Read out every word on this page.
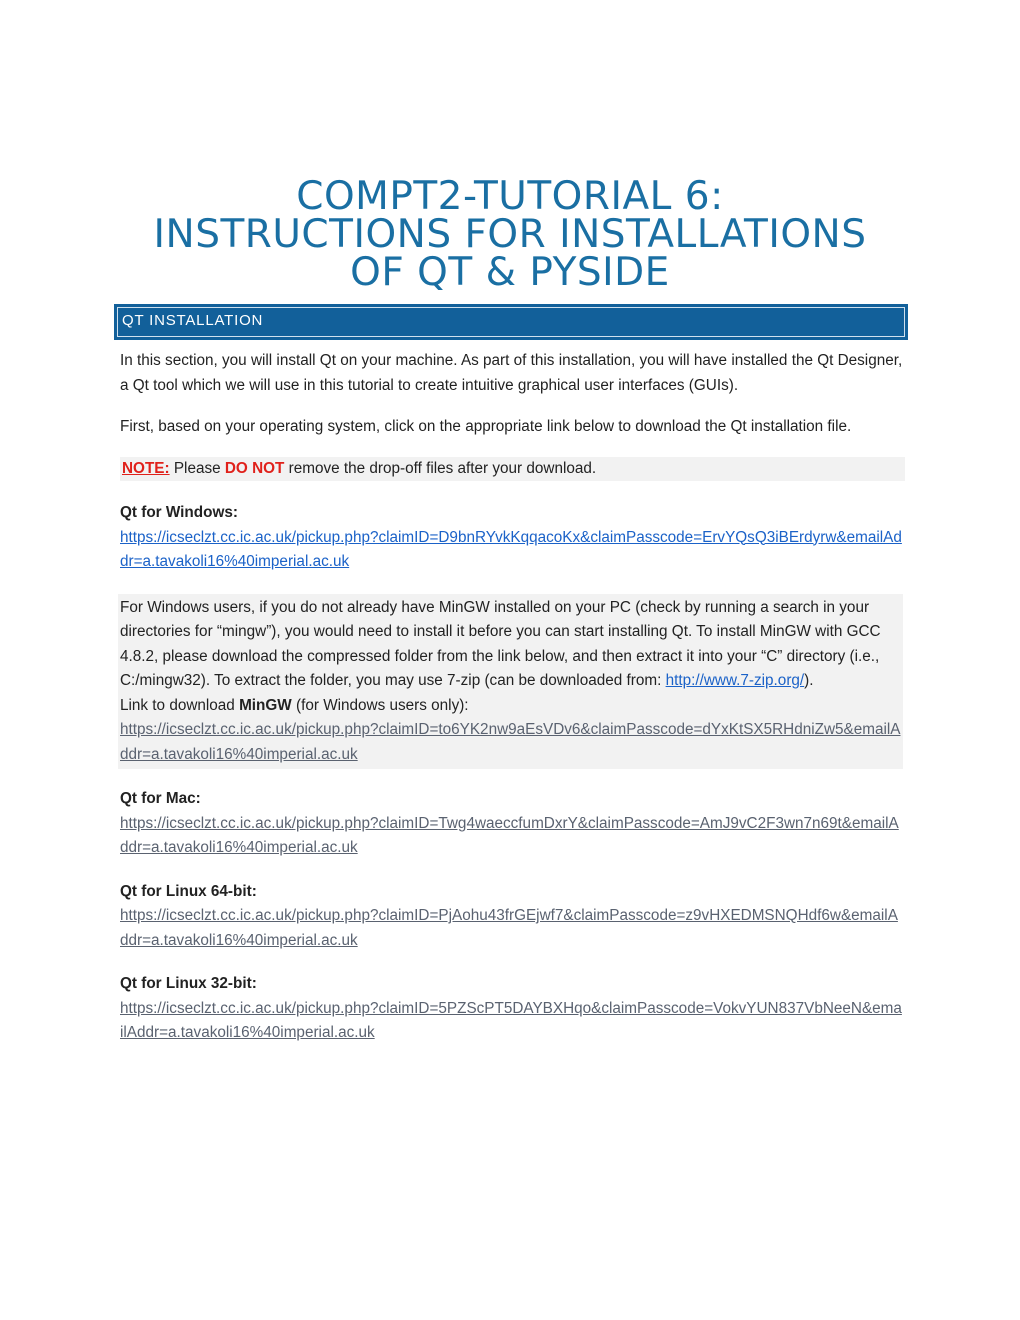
COMPT2-TUTORIAL 6:
INSTRUCTIONS FOR INSTALLATIONS
OF QT & PYSIDE
QT INSTALLATION

In this section, you will install Qt on your machine. As part of this installation, you will have installed the Qt Designer, a Qt tool which we will use in this tutorial to create intuitive graphical user interfaces (GUIs).

First, based on your operating system, click on the appropriate link below to download the Qt installation file.

NOTE: Please DO NOT remove the drop-off files after your download.

Qt for Windows:
https://icseclzt.cc.ic.ac.uk/pickup.php?claimID=D9bnRYvkKqqacoKx&claimPasscode=ErvYQsQ3iBErdyrw&emailAddr=a.tavakoli16%40imperial.ac.uk
For Windows users, if you do not already have MinGW installed on your PC (check by running a search in your directories for “mingw”), you would need to install it before you can start installing Qt. To install MinGW with GCC 4.8.2, please download the compressed folder from the link below, and then extract it into your “C” directory (i.e., C:/mingw32). To extract the folder, you may use 7-zip (can be downloaded from: http://www.7-zip.org/).
Link to download MinGW (for Windows users only):
https://icseclzt.cc.ic.ac.uk/pickup.php?claimID=to6YK2nw9aEsVDv6&claimPasscode=dYxKtSX5RHdniZw5&emailAddr=a.tavakoli16%40imperial.ac.uk
Qt for Mac:
https://icseclzt.cc.ic.ac.uk/pickup.php?claimID=Twg4waeccfumDxrY&claimPasscode=AmJ9vC2F3wn7n69t&emailAddr=a.tavakoli16%40imperial.ac.uk
Qt for Linux 64-bit:
https://icseclzt.cc.ic.ac.uk/pickup.php?claimID=PjAohu43frGEjwf7&claimPasscode=z9vHXEDMSNQHdf6w&emailAddr=a.tavakoli16%40imperial.ac.uk
Qt for Linux 32-bit:
https://icseclzt.cc.ic.ac.uk/pickup.php?claimID=5PZScPT5DAYBXHqo&claimPasscode=VokvYUN837VbNeeN&emailAddr=a.tavakoli16%40imperial.ac.uk
